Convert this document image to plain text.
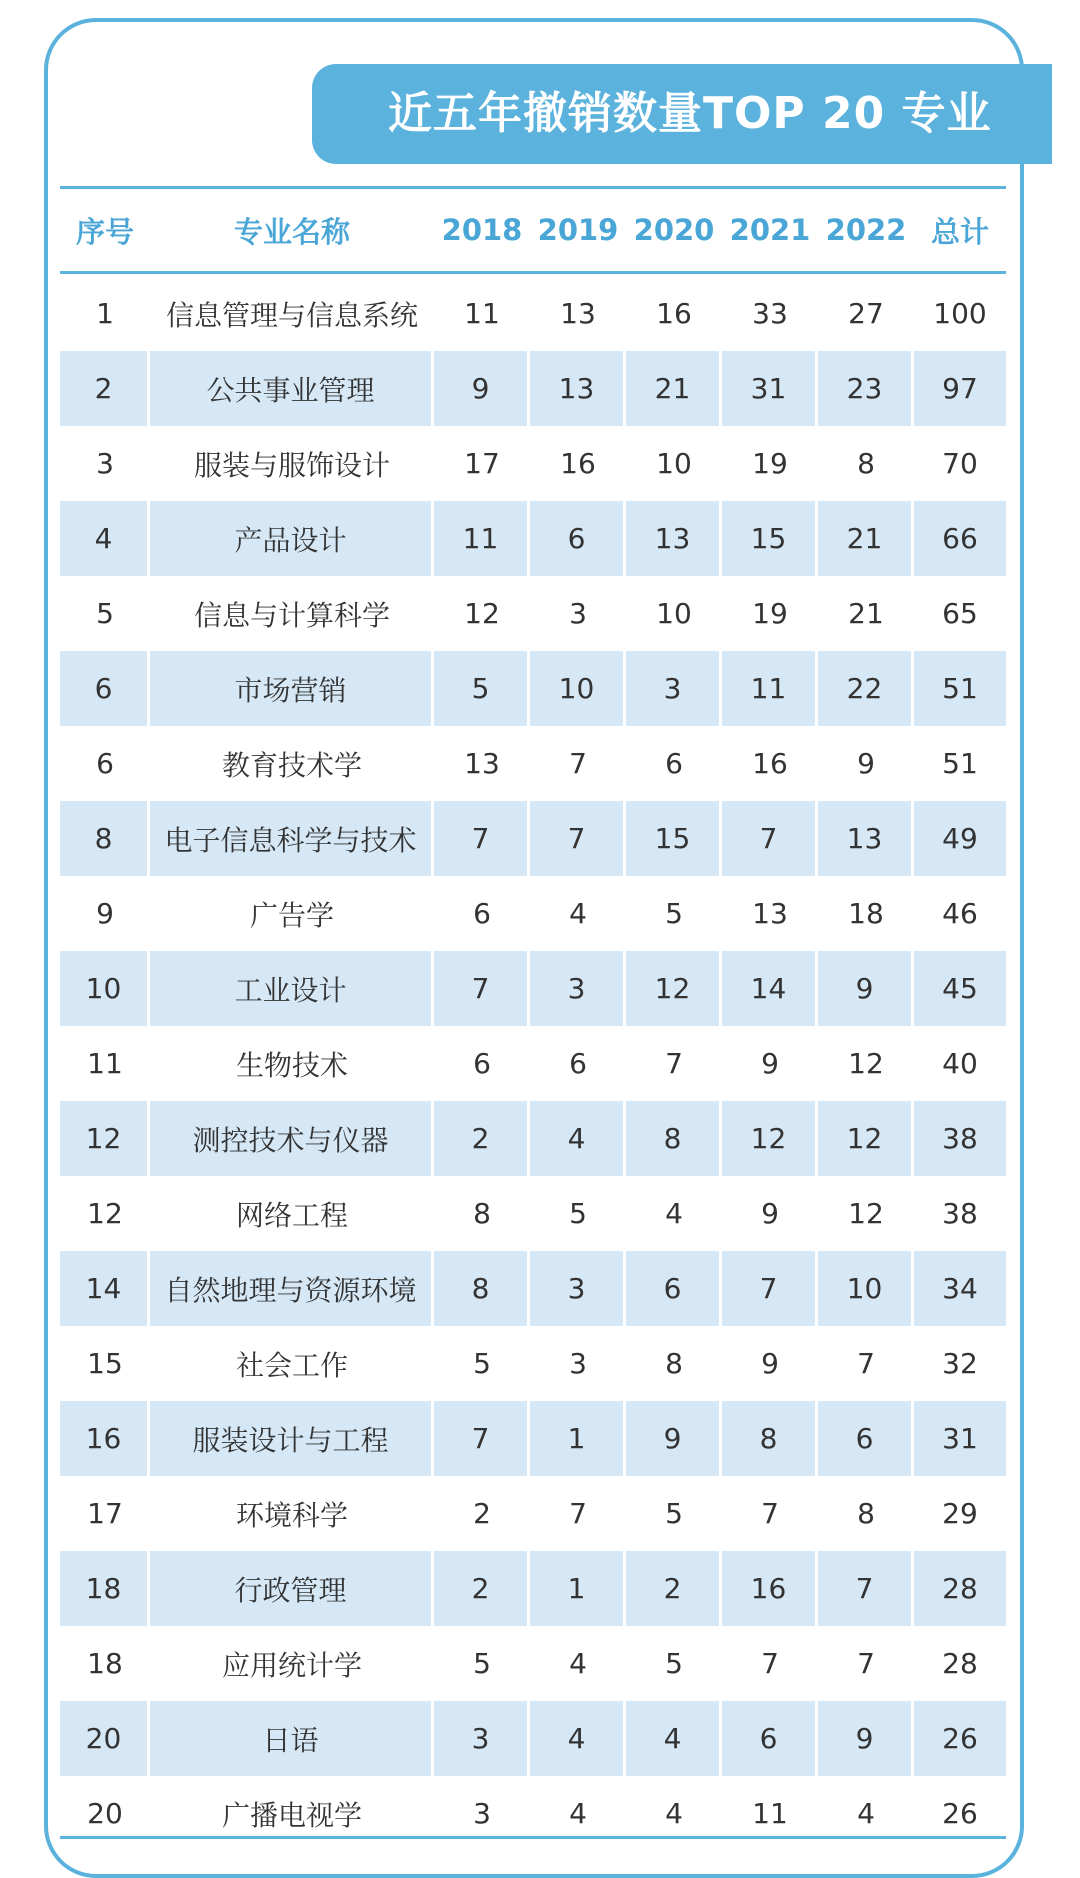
近五年撤销数量TOP 20 专业
序号	专业名称	2018 2019 2020 2021 2022 总计
1	信息管理与信息系统	11	13	16	33	27	100
2	公共事业管理	9	13	21	31	23	97
3	服装与服饰设计	17	16	10	19	8	70
4	产品设计	11	6	13	15	21	66
5	信息与计算科学	12	3	10	19	21	65
6	市场营销	5	10	3	11	22	51
6	教育技术学	13	7	6	16	9	51
8	电子信息科学与技术	7	7	15	7	13	49
9	广告学	6	4	5	13	18	46
10	工业设计	7	3	12	14	9	45
11	生物技术	6	6	7	9	12	40
12	测控技术与仪器	2	4	8	12	12	38
12	网络工程	8	5	4	9	12	38
14	自然地理与资源环境	8	3	6	7	10	34
15	社会工作	5	3	8	9	7	32
16	服装设计与工程	7	1	9	8	6	31
17	环境科学	2	7	5	7	8	29
18	行政管理	2	1	2	16	7	28
18	应用统计学	5	4	5	7	7	28
20	日语	3	4	4	6	9	26
20	广播电视学	3	4	4	11	4	26
